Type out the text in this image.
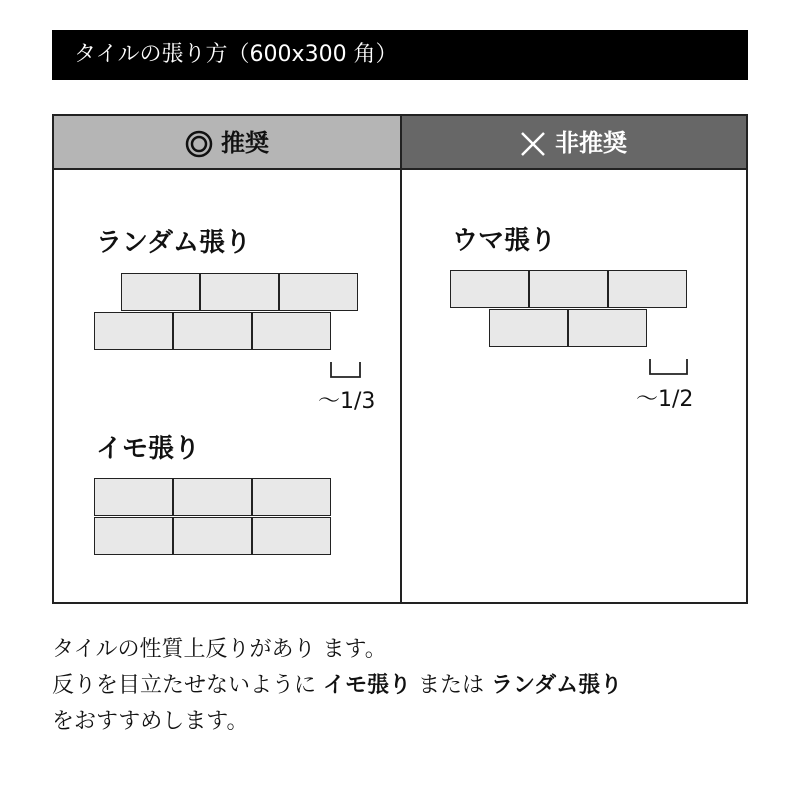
タイルの張り方（600x300 角）
推奨	非推奨
ランダム張り
～1/3
イモ張り
ウマ張り
～1/2
タイルの性質上反りがあり ます。
反りを目立たせないように イモ張り または ランダム張り
をおすすめします。
